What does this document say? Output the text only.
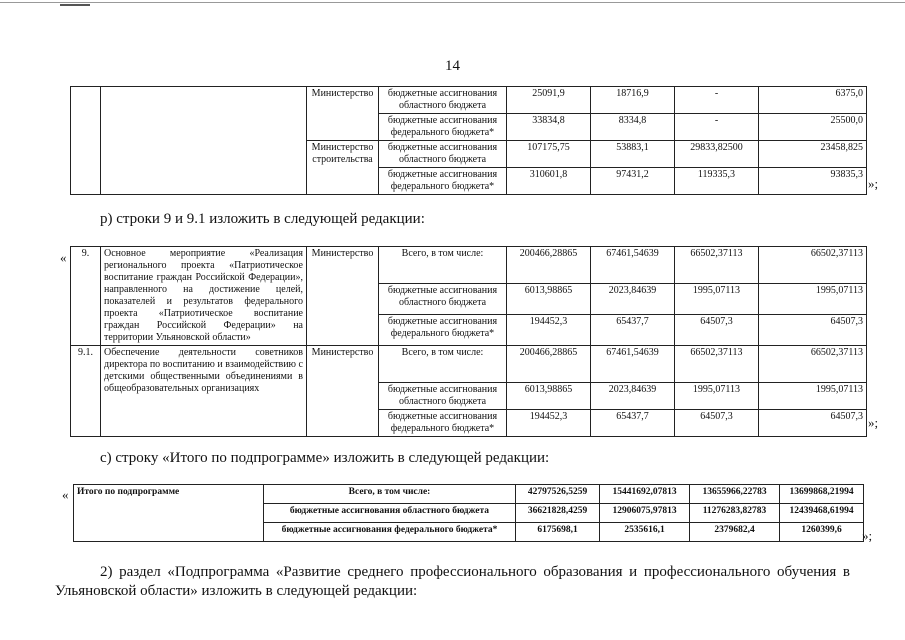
14
		Министерство	бюджетные ассигнования областного бюджета	25091,9	18716,9	-	6375,0
			бюджетные ассигнования федерального бюджета*	33834,8	8334,8	-	25500,0
		Министерство строительства	бюджетные ассигнования областного бюджета	107175,75	53883,1	29833,82500	23458,825
			бюджетные ассигнования федерального бюджета*	310601,8	97431,2	119335,3	93835,3
»;
р) строки 9 и 9.1 изложить в следующей редакции:
« 9.	Основное мероприятие «Реализация регионального проекта «Патриотическое воспитание граждан Российской Федерации», направленного на достижение целей, показателей и результатов федерального проекта «Патриотическое воспитание граждан Российской Федерации» на территории Ульяновской области»	Министерство	Всего, в том числе:	200466,28865	67461,54639	66502,37113	66502,37113
			бюджетные ассигнования областного бюджета	6013,98865	2023,84639	1995,07113	1995,07113
			бюджетные ассигнования федерального бюджета*	194452,3	65437,7	64507,3	64507,3
9.1.	Обеспечение деятельности советников директора по воспитанию и взаимодействию с детскими общественными объединениями в общеобразовательных организациях	Министерство	Всего, в том числе:	200466,28865	67461,54639	66502,37113	66502,37113
			бюджетные ассигнования областного бюджета	6013,98865	2023,84639	1995,07113	1995,07113
			бюджетные ассигнования федерального бюджета*	194452,3	65437,7	64507,3	64507,3 »;
с) строку «Итого по подпрограмме» изложить в следующей редакции:
« Итого по подпрограмме	Всего, в том числе:	42797526,5259	15441692,07813	13655966,22783	13699868,21994
	бюджетные ассигнования областного бюджета	36621828,4259	12906075,97813	11276283,82783	12439468,61994
	бюджетные ассигнования федерального бюджета*	6175698,1	2535616,1	2379682,4	1260399,6 »;
2) раздел «Подпрограмма «Развитие среднего профессионального образования и профессионального обучения в Ульяновской области» изложить в следующей редакции:
